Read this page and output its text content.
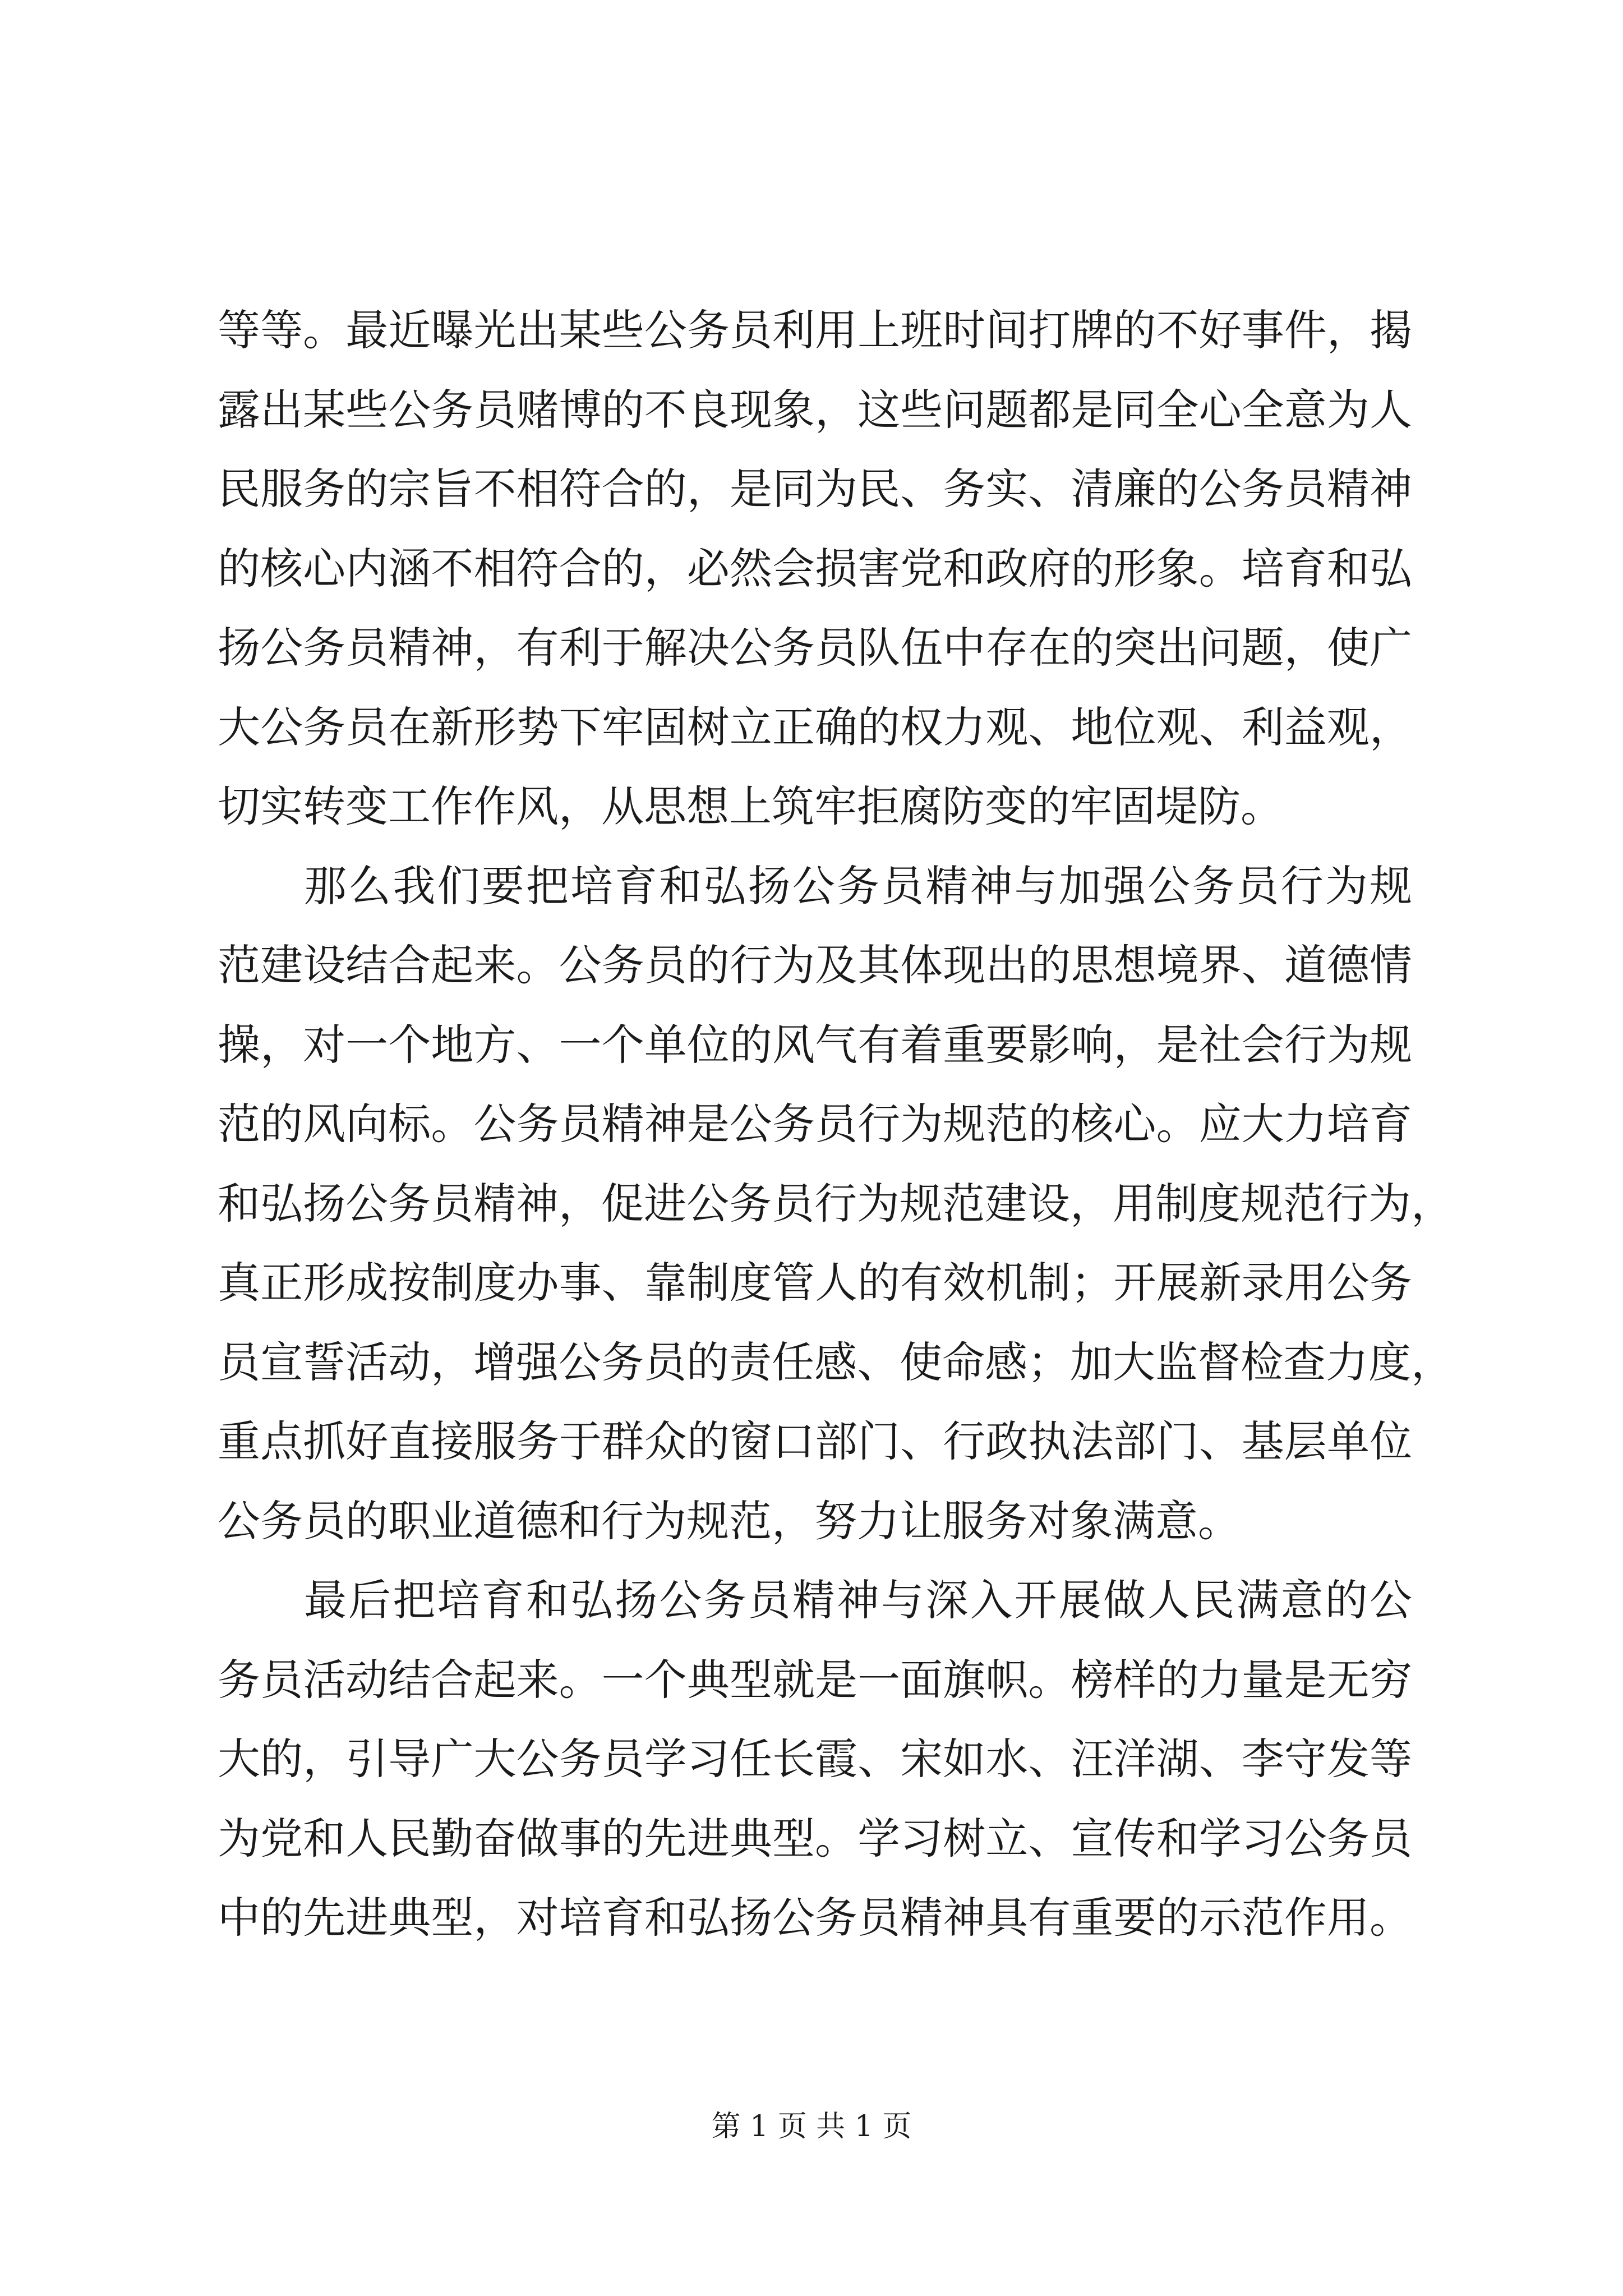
等等。最近曝光出某些公务员利用上班时间打牌的不好事件，揭
露出某些公务员赌博的不良现象，这些问题都是同全心全意为人
民服务的宗旨不相符合的，是同为民、务实、清廉的公务员精神
的核心内涵不相符合的，必然会损害党和政府的形象。培育和弘
扬公务员精神，有利于解决公务员队伍中存在的突出问题，使广
大公务员在新形势下牢固树立正确的权力观、地位观、利益观，
切实转变工作作风，从思想上筑牢拒腐防变的牢固堤防。
那么我们要把培育和弘扬公务员精神与加强公务员行为规
范建设结合起来。公务员的行为及其体现出的思想境界、道德情
操，对一个地方、一个单位的风气有着重要影响，是社会行为规
范的风向标。公务员精神是公务员行为规范的核心。应大力培育
和弘扬公务员精神，促进公务员行为规范建设，用制度规范行为，
真正形成按制度办事、靠制度管人的有效机制；开展新录用公务
员宣誓活动，增强公务员的责任感、使命感；加大监督检查力度，
重点抓好直接服务于群众的窗口部门、行政执法部门、基层单位
公务员的职业道德和行为规范，努力让服务对象满意。
最后把培育和弘扬公务员精神与深入开展做人民满意的公
务员活动结合起来。一个典型就是一面旗帜。榜样的力量是无穷
大的，引导广大公务员学习任长霞、宋如水、汪洋湖、李守发等
为党和人民勤奋做事的先进典型。学习树立、宣传和学习公务员
中的先进典型，对培育和弘扬公务员精神具有重要的示范作用。
第 1 页 共 1 页
